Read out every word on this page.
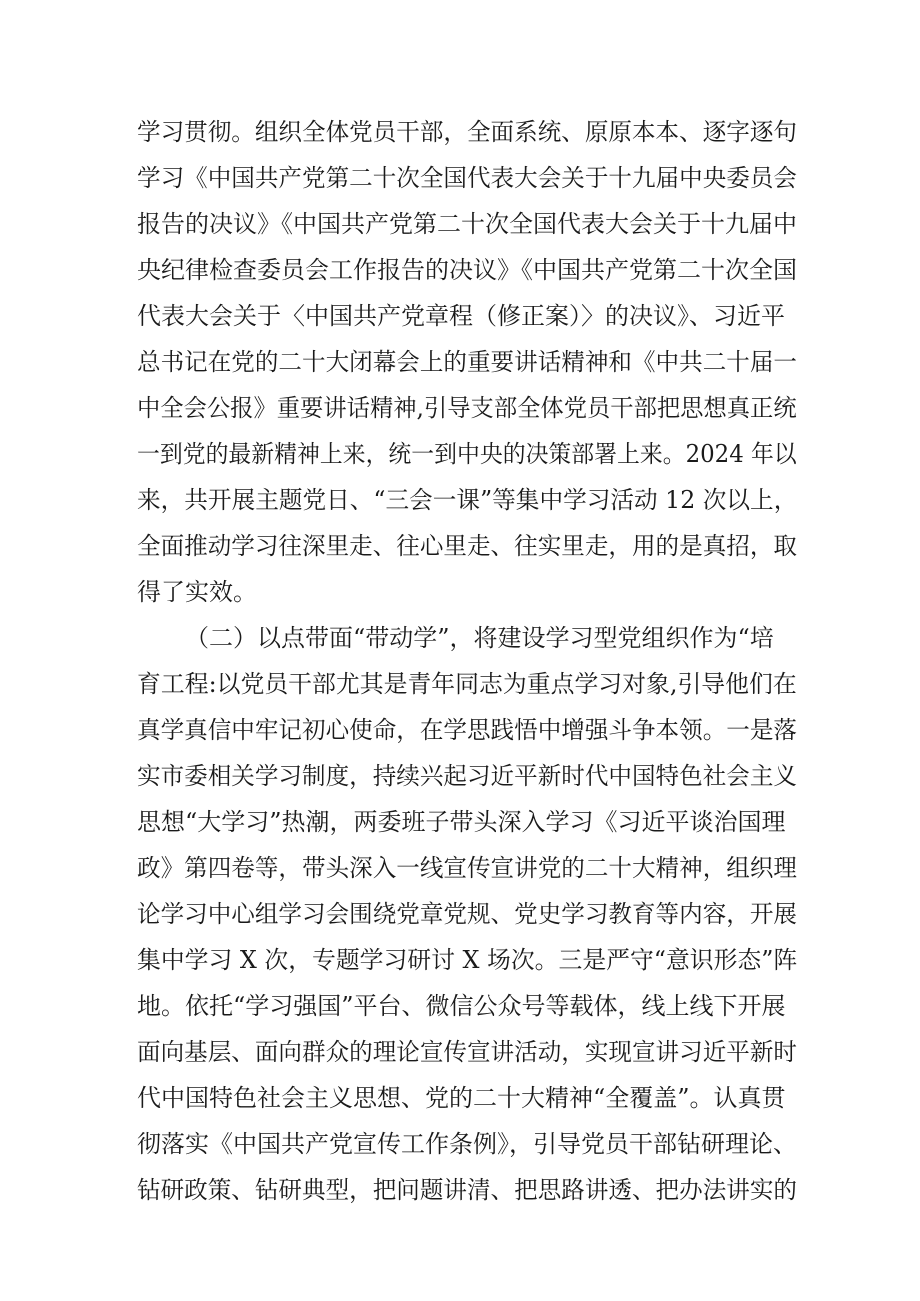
学习贯彻。组织全体党员干部，全面系统、原原本本、逐字逐句
学习《中国共产党第二十次全国代表大会关于十九届中央委员会
报告的决议》《中国共产党第二十次全国代表大会关于十九届中
央纪律检查委员会工作报告的决议》《中国共产党第二十次全国
代表大会关于〈中国共产党章程（修正案）〉的决议》、习近平
总书记在党的二十大闭幕会上的重要讲话精神和《中共二十届一
中全会公报》重要讲话精神,引导支部全体党员干部把思想真正统
一到党的最新精神上来，统一到中央的决策部署上来。2024 年以
来，共开展主题党日、“三会一课”等集中学习活动 12 次以上，
全面推动学习往深里走、往心里走、往实里走，用的是真招，取
得了实效。
（二）以点带面“带动学”，将建设学习型党组织作为“培
育工程:以党员干部尤其是青年同志为重点学习对象,引导他们在
真学真信中牢记初心使命，在学思践悟中增强斗争本领。一是落
实市委相关学习制度，持续兴起习近平新时代中国特色社会主义
思想“大学习”热潮，两委班子带头深入学习《习近平谈治国理
政》第四卷等，带头深入一线宣传宣讲党的二十大精神，组织理
论学习中心组学习会围绕党章党规、党史学习教育等内容，开展
集中学习 X 次，专题学习研讨 X 场次。三是严守“意识形态”阵
地。依托“学习强国”平台、微信公众号等载体，线上线下开展
面向基层、面向群众的理论宣传宣讲活动，实现宣讲习近平新时
代中国特色社会主义思想、党的二十大精神“全覆盖”。认真贯
彻落实《中国共产党宣传工作条例》，引导党员干部钻研理论、
钻研政策、钻研典型，把问题讲清、把思路讲透、把办法讲实的
